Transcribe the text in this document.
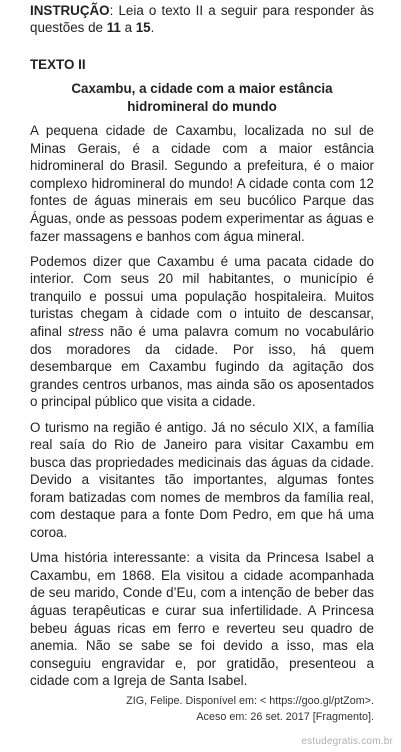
INSTRUÇÃO: Leia o texto II a seguir para responder às questões de 11 a 15.
TEXTO II
Caxambu, a cidade com a maior estância hidromineral do mundo

A pequena cidade de Caxambu, localizada no sul de Minas Gerais, é a cidade com a maior estância hidromineral do Brasil. Segundo a prefeitura, é o maior complexo hidromineral do mundo! A cidade conta com 12 fontes de águas minerais em seu bucólico Parque das Águas, onde as pessoas podem experimentar as águas e fazer massagens e banhos com água mineral.

Podemos dizer que Caxambu é uma pacata cidade do interior. Com seus 20 mil habitantes, o município é tranquilo e possui uma população hospitaleira. Muitos turistas chegam à cidade com o intuito de descansar, afinal stress não é uma palavra comum no vocabulário dos moradores da cidade. Por isso, há quem desembarque em Caxambu fugindo da agitação dos grandes centros urbanos, mas ainda são os aposentados o principal público que visita a cidade.

O turismo na região é antigo. Já no século XIX, a família real saía do Rio de Janeiro para visitar Caxambu em busca das propriedades medicinais das águas da cidade. Devido a visitantes tão importantes, algumas fontes foram batizadas com nomes de membros da família real, com destaque para a fonte Dom Pedro, em que há uma coroa.

Uma história interessante: a visita da Princesa Isabel a Caxambu, em 1868. Ela visitou a cidade acompanhada de seu marido, Conde d’Eu, com a intenção de beber das águas terapêuticas e curar sua infertilidade. A Princesa bebeu águas ricas em ferro e reverteu seu quadro de anemia. Não se sabe se foi devido a isso, mas ela conseguiu engravidar e, por gratidão, presenteou a cidade com a Igreja de Santa Isabel.

ZIG, Felipe. Disponível em: < https://goo.gl/ptZom>.
Aceso em: 26 set. 2017 [Fragmento].
estudegratis.com.br
